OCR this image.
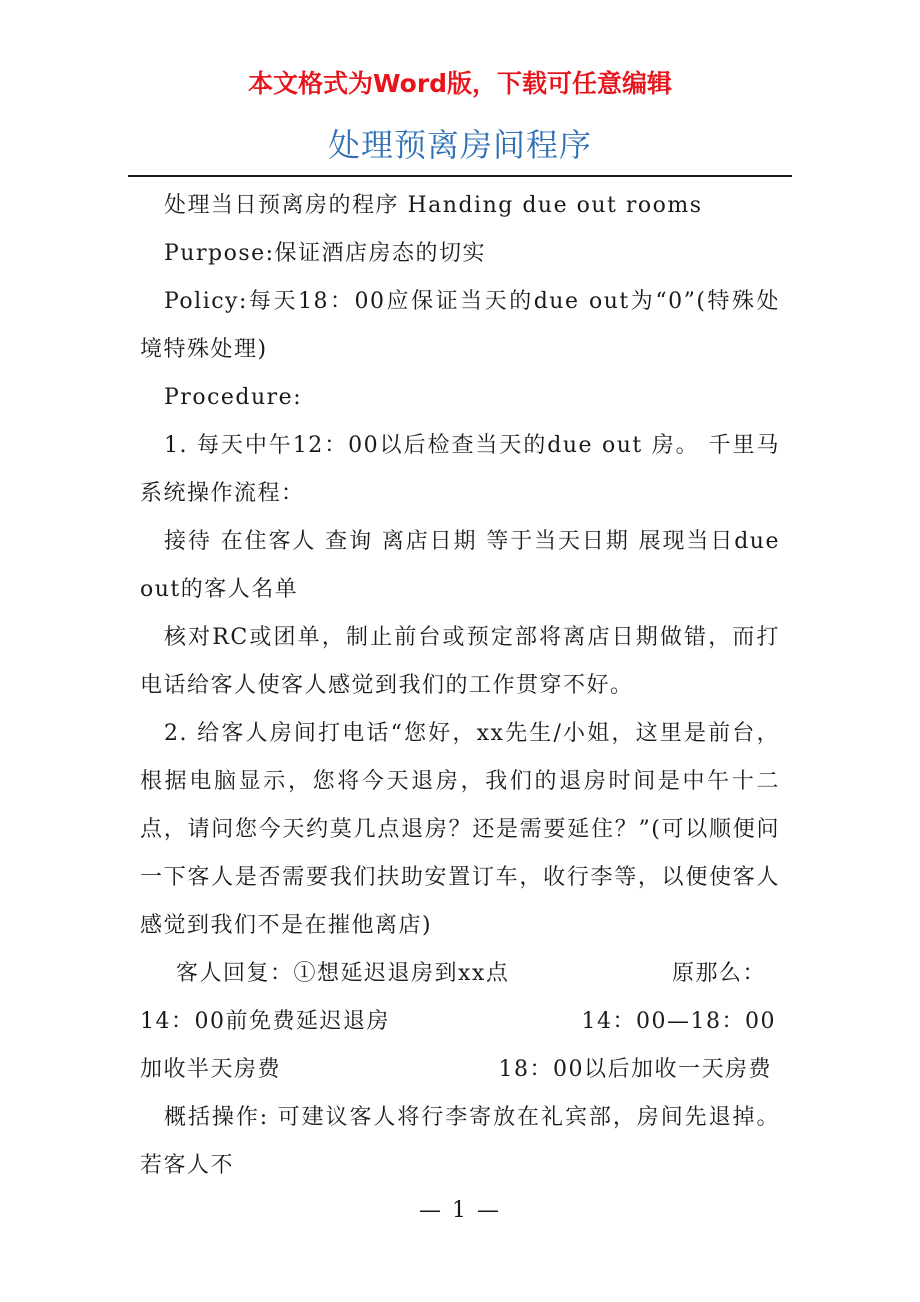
本文格式为Word版，下载可任意编辑
处理预离房间程序

处理当日预离房的程序 Handing due out rooms

Purpose:保证酒店房态的切实

Policy:每天18：00应保证当天的due out为“0”(特殊处境特殊处理)

Procedure:

1. 每天中午12：00以后检查当天的due out 房。 千里马系统操作流程：

接待 在住客人 查询 离店日期 等于当天日期 展现当日due out的客人名单

核对RC或团单，制止前台或预定部将离店日期做错，而打电话给客人使客人感觉到我们的工作贯穿不好。

2. 给客人房间打电话“您好，xx先生/小姐，这里是前台，根据电脑显示，您将今天退房，我们的退房时间是中午十二点，请问您今天约莫几点退房？还是需要延住？”(可以顺便问一下客人是否需要我们扶助安置订车，收行李等，以便使客人感觉到我们不是在摧他离店)

客人回复：①想延迟退房到xx点	原那么：
14：00前免费延迟退房	14：00—18：00
加收半天房费	18：00以后加收一天房费

概括操作: 可建议客人将行李寄放在礼宾部，房间先退掉。若客人不

— 1 —
